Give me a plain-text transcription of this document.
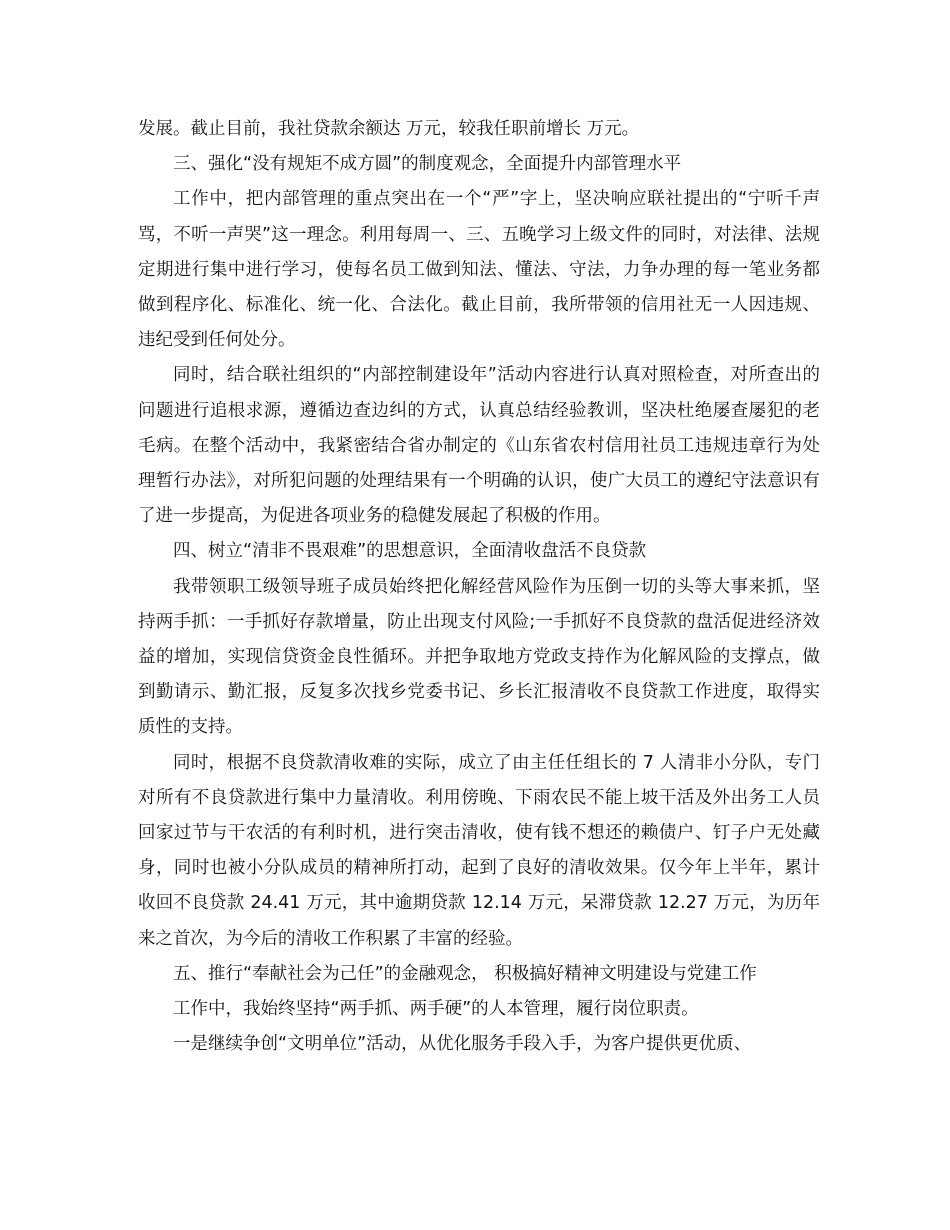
发展。截止目前，我社贷款余额达 万元，较我任职前增长 万元。

三、强化“没有规矩不成方圆”的制度观念，全面提升内部管理水平

工作中，把内部管理的重点突出在一个“严”字上，坚决响应联社提出的“宁听千声骂，不听一声哭”这一理念。利用每周一、三、五晚学习上级文件的同时，对法律、法规定期进行集中进行学习，使每名员工做到知法、懂法、守法，力争办理的每一笔业务都做到程序化、标准化、统一化、合法化。截止目前，我所带领的信用社无一人因违规、违纪受到任何处分。

同时，结合联社组织的“内部控制建设年”活动内容进行认真对照检查，对所查出的问题进行追根求源，遵循边查边纠的方式，认真总结经验教训，坚决杜绝屡查屡犯的老毛病。在整个活动中，我紧密结合省办制定的《山东省农村信用社员工违规违章行为处理暂行办法》，对所犯问题的处理结果有一个明确的认识，使广大员工的遵纪守法意识有了进一步提高，为促进各项业务的稳健发展起了积极的作用。

四、树立“清非不畏艰难”的思想意识，全面清收盘活不良贷款

我带领职工级领导班子成员始终把化解经营风险作为压倒一切的头等大事来抓，坚持两手抓：一手抓好存款增量，防止出现支付风险;一手抓好不良贷款的盘活促进经济效益的增加，实现信贷资金良性循环。并把争取地方党政支持作为化解风险的支撑点，做到勤请示、勤汇报，反复多次找乡党委书记、乡长汇报清收不良贷款工作进度，取得实质性的支持。

同时，根据不良贷款清收难的实际，成立了由主任任组长的 7 人清非小分队，专门对所有不良贷款进行集中力量清收。利用傍晚、下雨农民不能上坡干活及外出务工人员回家过节与干农活的有利时机，进行突击清收，使有钱不想还的赖债户、钉子户无处藏身，同时也被小分队成员的精神所打动，起到了良好的清收效果。仅今年上半年，累计收回不良贷款 24.41 万元，其中逾期贷款 12.14 万元，呆滞贷款 12.27 万元，为历年来之首次，为今后的清收工作积累了丰富的经验。

五、推行“奉献社会为己任”的金融观念， 积极搞好精神文明建设与党建工作

工作中，我始终坚持“两手抓、两手硬”的人本管理，履行岗位职责。

一是继续争创“文明单位”活动，从优化服务手段入手，为客户提供更优质、
